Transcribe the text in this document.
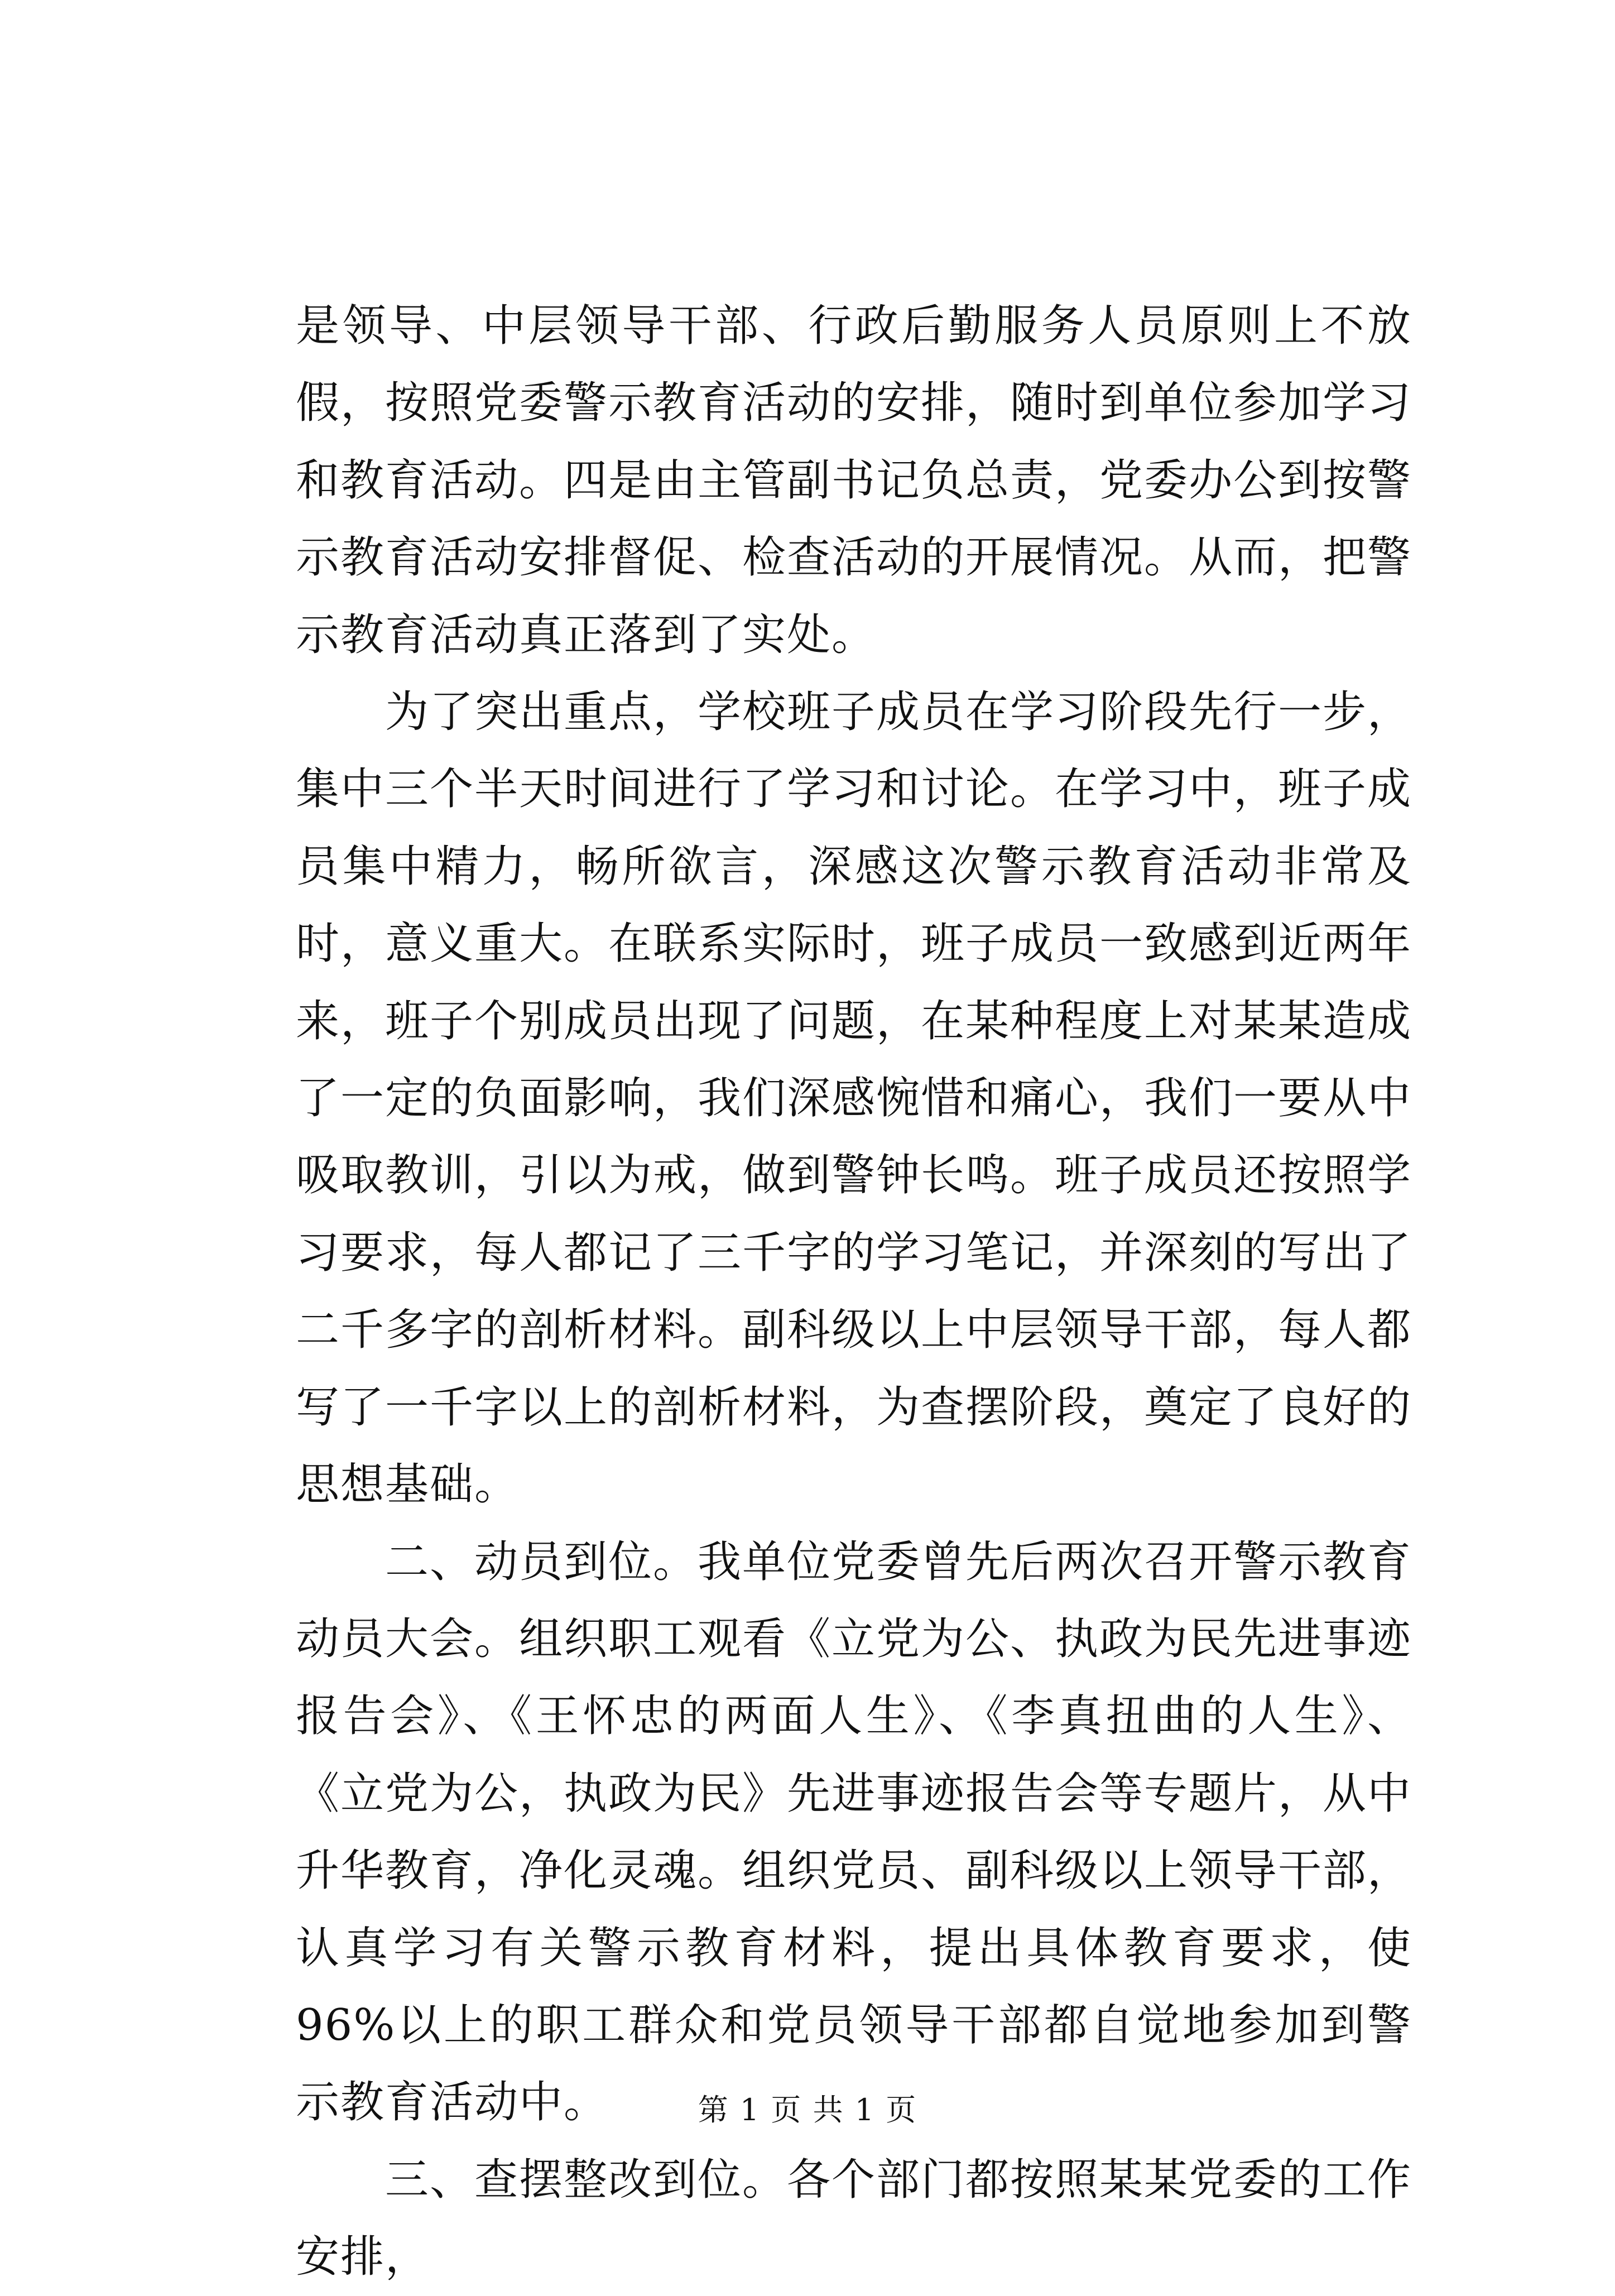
是领导、中层领导干部、行政后勤服务人员原则上不放假，按照党委警示教育活动的安排，随时到单位参加学习和教育活动。四是由主管副书记负总责，党委办公到按警示教育活动安排督促、检查活动的开展情况。从而，把警示教育活动真正落到了实处。

为了突出重点，学校班子成员在学习阶段先行一步，集中三个半天时间进行了学习和讨论。在学习中，班子成员集中精力，畅所欲言，深感这次警示教育活动非常及时，意义重大。在联系实际时，班子成员一致感到近两年来，班子个别成员出现了问题，在某种程度上对某某造成了一定的负面影响，我们深感惋惜和痛心，我们一要从中吸取教训，引以为戒，做到警钟长鸣。班子成员还按照学习要求，每人都记了三千字的学习笔记，并深刻的写出了二千多字的剖析材料。副科级以上中层领导干部，每人都写了一千字以上的剖析材料，为查摆阶段，奠定了良好的思想基础。

二、动员到位。我单位党委曾先后两次召开警示教育动员大会。组织职工观看《立党为公、执政为民先进事迹报告会》、《王怀忠的两面人生》、《李真扭曲的人生》、《立党为公，执政为民》先进事迹报告会等专题片，从中升华教育，净化灵魂。组织党员、副科级以上领导干部，认真学习有关警示教育材料，提出具体教育要求，使96%以上的职工群众和党员领导干部都自觉地参加到警示教育活动中。

三、查摆整改到位。各个部门都按照某某党委的工作安排，

第 1 页 共 1 页
